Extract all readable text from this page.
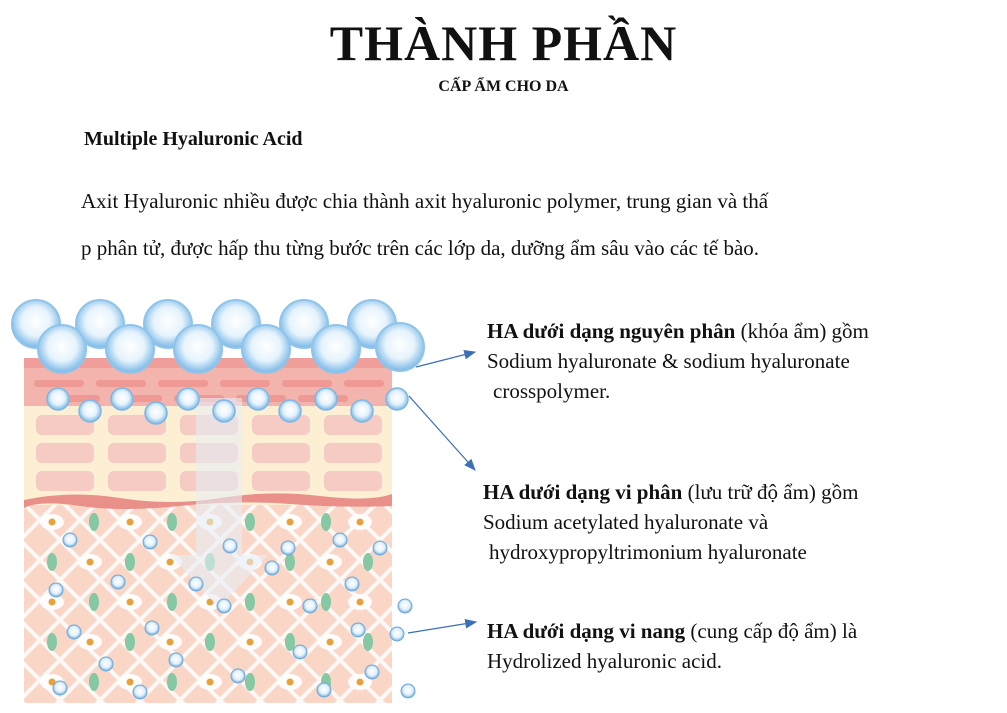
THÀNH PHẦN
CẤP ẨM CHO DA
Multiple Hyaluronic Acid
Axit Hyaluronic nhiều được chia thành axit hyaluronic polymer, trung gian và thấ
p phân tử, được hấp thu từng bước trên các lớp da, dưỡng ẩm sâu vào các tế bào.
HA dưới dạng nguyên phân (khóa ẩm) gồm
Sodium hyaluronate & sodium hyaluronate
crosspolymer.
HA dưới dạng vi phân (lưu trữ độ ẩm) gồm
Sodium acetylated hyaluronate và
hydroxypropyltrimonium hyaluronate
HA dưới dạng vi nang (cung cấp độ ẩm) là
Hydrolized hyaluronic acid.
